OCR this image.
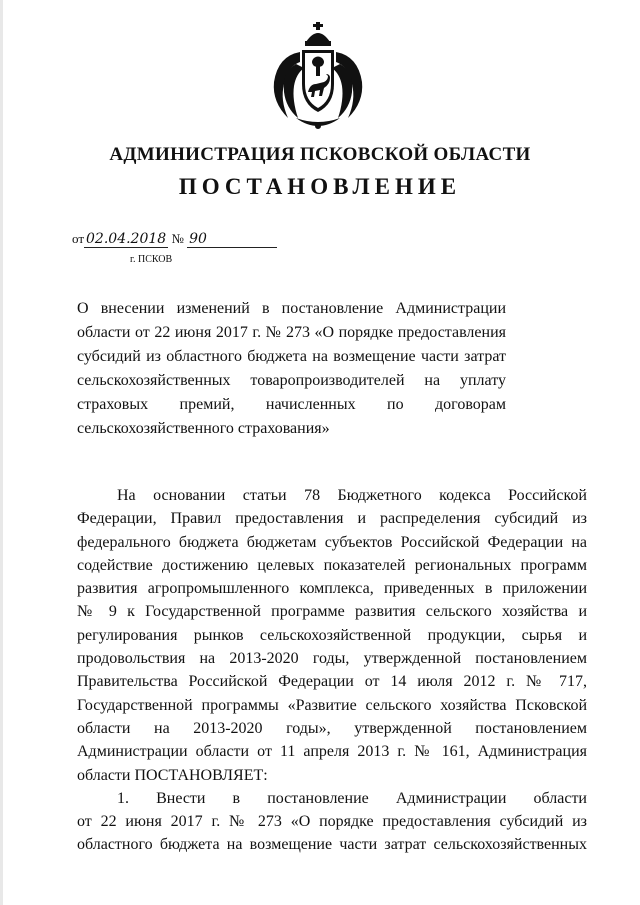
АДМИНИСТРАЦИЯ ПСКОВСКОЙ ОБЛАСТИ
ПОСТАНОВЛЕНИЕ
от 02.04.2018 № 90
г. ПСКОВ
О внесении изменений в постановление Администрации
области от 22 июня 2017 г. № 273 «О порядке предоставления
субсидий из областного бюджета на возмещение части затрат
сельскохозяйственных товаропроизводителей на уплату
страховых премий, начисленных по договорам
сельскохозяйственного страхования»
На основании статьи 78 Бюджетного кодекса Российской
Федерации, Правил предоставления и распределения субсидий из
федерального бюджета бюджетам субъектов Российской Федерации на
содействие достижению целевых показателей региональных программ
развития агропромышленного комплекса, приведенных в приложении
№ 9 к Государственной программе развития сельского хозяйства и
регулирования рынков сельскохозяйственной продукции, сырья и
продовольствия на 2013-2020 годы, утвержденной постановлением
Правительства Российской Федерации от 14 июля 2012 г. № 717,
Государственной программы «Развитие сельского хозяйства Псковской
области на 2013-2020 годы», утвержденной постановлением
Администрации области от 11 апреля 2013 г. № 161, Администрация
области ПОСТАНОВЛЯЕТ:
1. Внести в постановление Администрации области
от 22 июня 2017 г. № 273 «О порядке предоставления субсидий из
областного бюджета на возмещение части затрат сельскохозяйственных
